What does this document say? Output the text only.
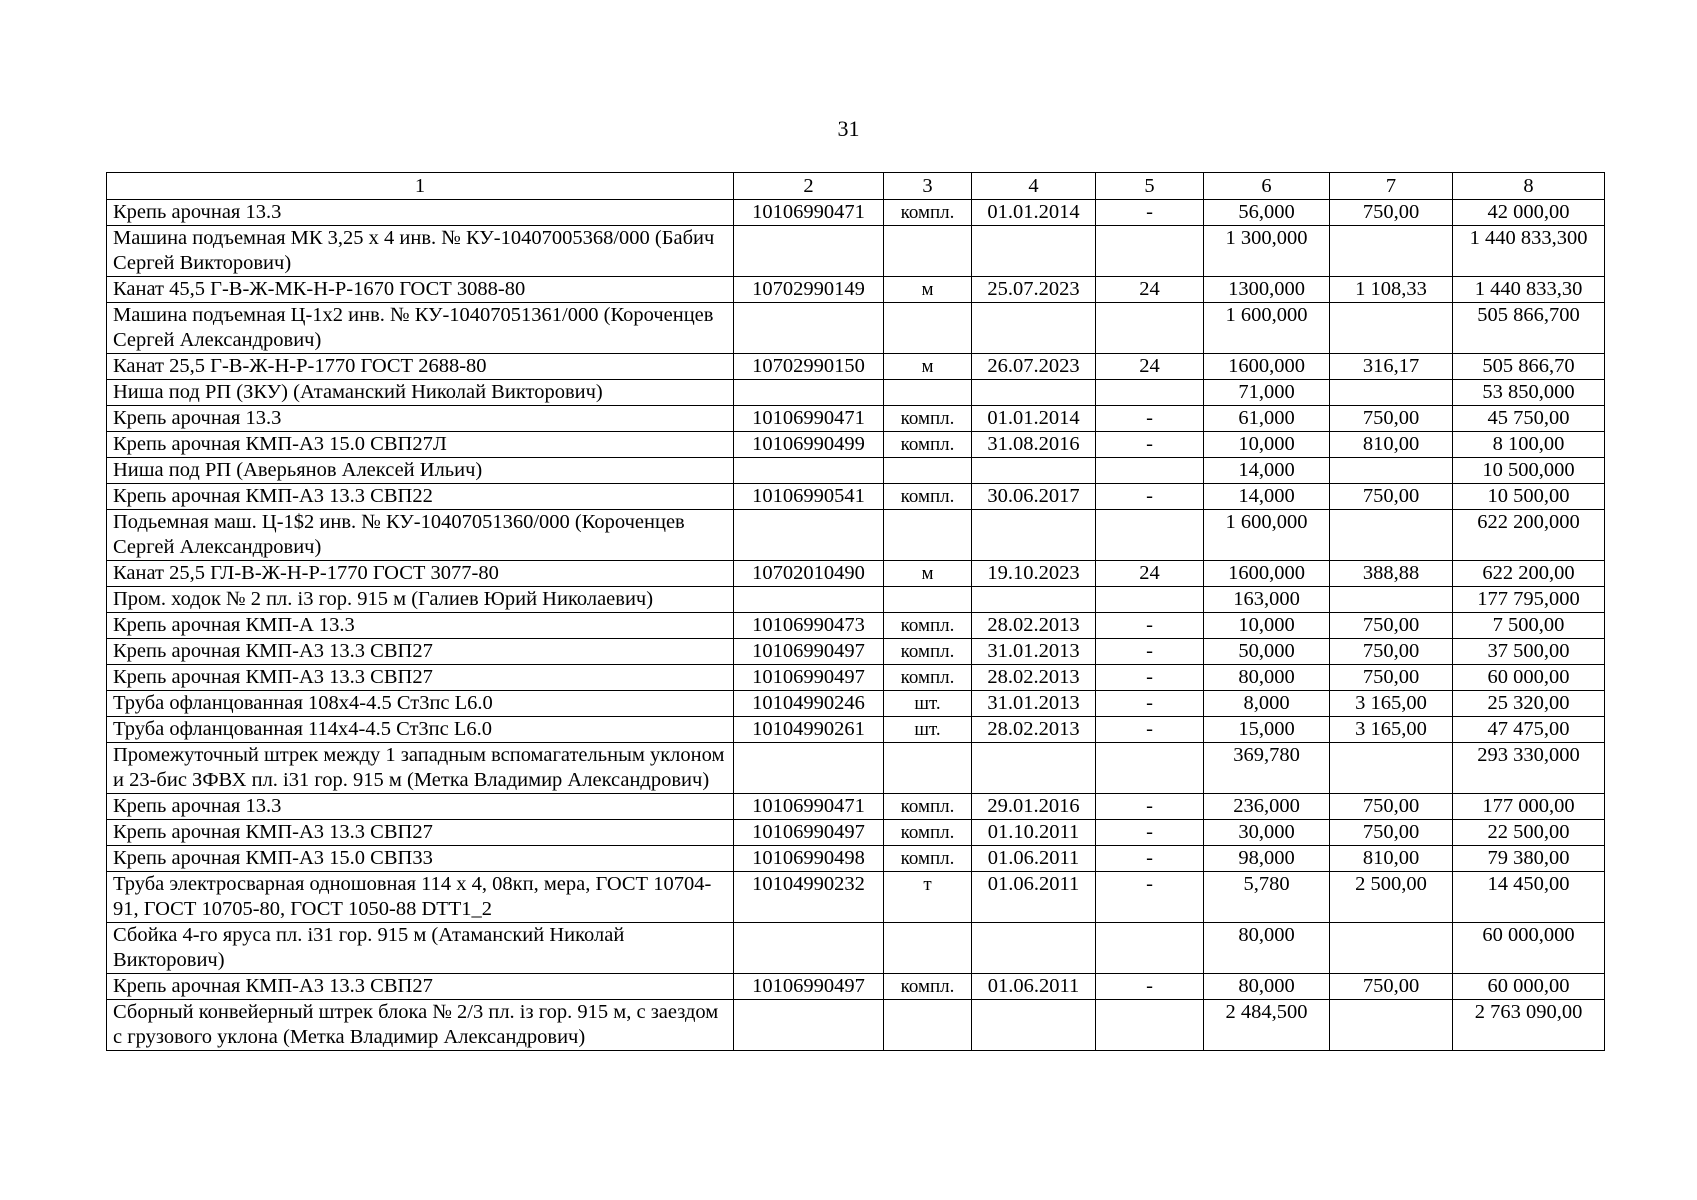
31
1	2	3	4	5	6	7	8
Крепь арочная 13.3	10106990471	компл.	01.01.2014	-	56,000	750,00	42 000,00
Машина подъемная МК 3,25 х 4 инв. № КУ-10407005368/000 (Бабич Сергей Викторович)					1 300,000		1 440 833,300
Канат 45,5 Г-В-Ж-МК-Н-Р-1670 ГОСТ 3088-80	10702990149	м	25.07.2023	24	1300,000	1 108,33	1 440 833,30
Машина подъемная Ц-1х2 инв. № КУ-10407051361/000 (Короченцев Сергей Александрович)					1 600,000		505 866,700
Канат 25,5 Г-В-Ж-Н-Р-1770 ГОСТ 2688-80	10702990150	м	26.07.2023	24	1600,000	316,17	505 866,70
Ниша под РП (ЗКУ) (Атаманский Николай Викторович)					71,000		53 850,000
Крепь арочная 13.3	10106990471	компл.	01.01.2014	-	61,000	750,00	45 750,00
Крепь арочная КМП-А3 15.0 СВП27Л	10106990499	компл.	31.08.2016	-	10,000	810,00	8 100,00
Ниша под РП (Аверьянов Алексей Ильич)					14,000		10 500,000
Крепь арочная КМП-А3 13.3 СВП22	10106990541	компл.	30.06.2017	-	14,000	750,00	10 500,00
Подьемная маш. Ц-1$2 инв. № КУ-10407051360/000 (Короченцев Сергей Александрович)					1 600,000		622 200,000
Канат 25,5 ГЛ-В-Ж-Н-Р-1770 ГОСТ 3077-80	10702010490	м	19.10.2023	24	1600,000	388,88	622 200,00
Пром. ходок № 2 пл. і3 гор. 915 м (Галиев Юрий Николаевич)					163,000		177 795,000
Крепь арочная КМП-А 13.3	10106990473	компл.	28.02.2013	-	10,000	750,00	7 500,00
Крепь арочная КМП-А3 13.3 СВП27	10106990497	компл.	31.01.2013	-	50,000	750,00	37 500,00
Крепь арочная КМП-А3 13.3 СВП27	10106990497	компл.	28.02.2013	-	80,000	750,00	60 000,00
Труба офланцованная 108х4-4.5 Ст3пс L6.0	10104990246	шт.	31.01.2013	-	8,000	3 165,00	25 320,00
Труба офланцованная 114х4-4.5 Ст3пс L6.0	10104990261	шт.	28.02.2013	-	15,000	3 165,00	47 475,00
Промежуточный штрек между 1 западным вспомагательным уклоном и 23-бис ЗФВХ пл. і31 гор. 915 м (Метка Владимир Александрович)					369,780		293 330,000
Крепь арочная 13.3	10106990471	компл.	29.01.2016	-	236,000	750,00	177 000,00
Крепь арочная КМП-А3 13.3 СВП27	10106990497	компл.	01.10.2011	-	30,000	750,00	22 500,00
Крепь арочная КМП-А3 15.0 СВП33	10106990498	компл.	01.06.2011	-	98,000	810,00	79 380,00
Труба электросварная одношовная 114 х 4, 08кп, мера, ГОСТ 10704-91, ГОСТ 10705-80, ГОСТ 1050-88 DTT1_2	10104990232	т	01.06.2011	-	5,780	2 500,00	14 450,00
Сбойка 4-го яруса пл. і31 гор. 915 м (Атаманский Николай Викторович)					80,000		60 000,000
Крепь арочная КМП-А3 13.3 СВП27	10106990497	компл.	01.06.2011	-	80,000	750,00	60 000,00
Сборный конвейерный штрек блока № 2/3 пл. із гор. 915 м, с заездом с грузового уклона (Метка Владимир Александрович)					2 484,500		2 763 090,00
